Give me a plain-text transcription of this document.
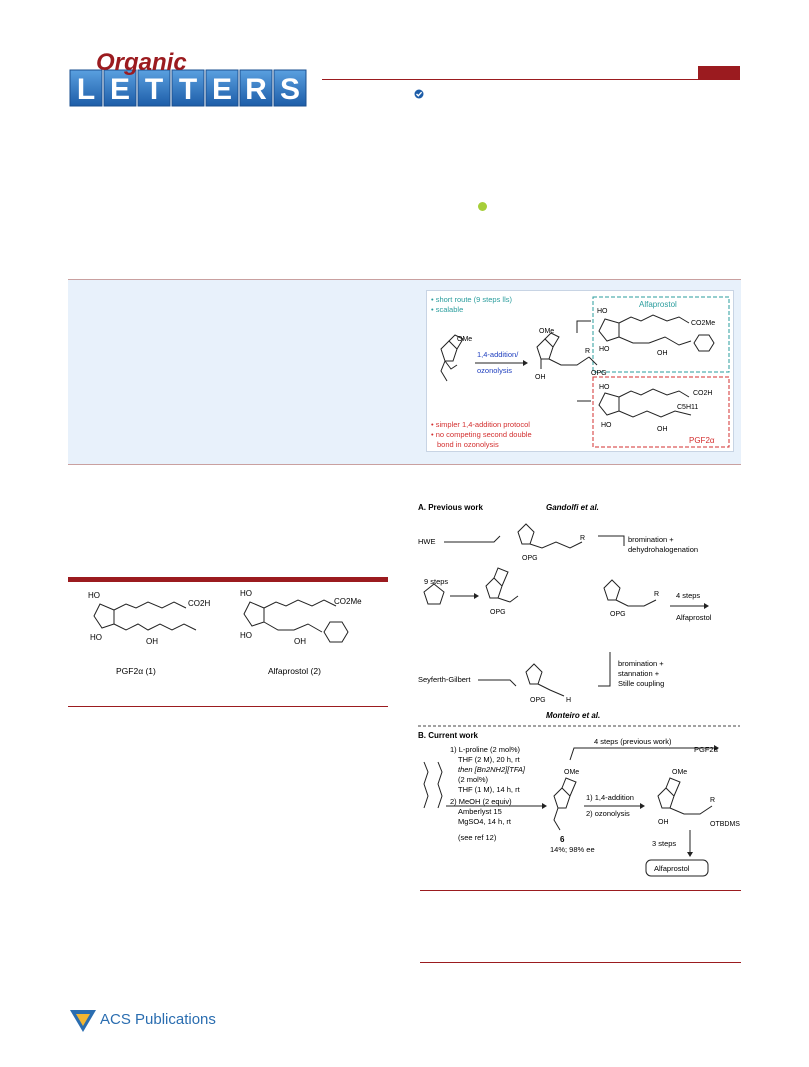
L E T T E R S
Organic
• short route (9 steps lls)
• scalable
Alfaprostol
HO
HO
CO2Me
OH
OMe
1,4-addition/
ozonolysis
OMe
R
OPG
OH
HO
HO
CO2H
C5H11
OH
PGF2α
• simpler 1,4-addition protocol
• no competing second double
bond in ozonolysis
HO
HO
CO2H
OH
PGF2α (1)
HO
HO
CO2Me
OH
Alfaprostol (2)
A. Previous work	Gandolfi et al.
9 steps
OPG
HWE	R
OPG
bromination +
dehydrohalogenation
R
OPG
4 steps
Alfaprostol
Seyferth-Gilbert
H
OPG
bromination +
stannation +
Stille coupling
Monteiro et al.
B. Current work
1) L-proline (2 mol%)
THF (2 M), 20 h, rt
then [Bn2NH2][TFA]
(2 mol%)
THF (1 M), 14 h, rt
2) MeOH (2 equiv)
Amberlyst 15
MgSO4, 14 h, rt
(see ref 12)
OMe
6
14%; 98% ee
4 steps (previous work)
PGF2α
1) 1,4-addition
2) ozonolysis
OMe
R
OTBDMS
OH
3 steps
Alfaprostol
ACS Publications
